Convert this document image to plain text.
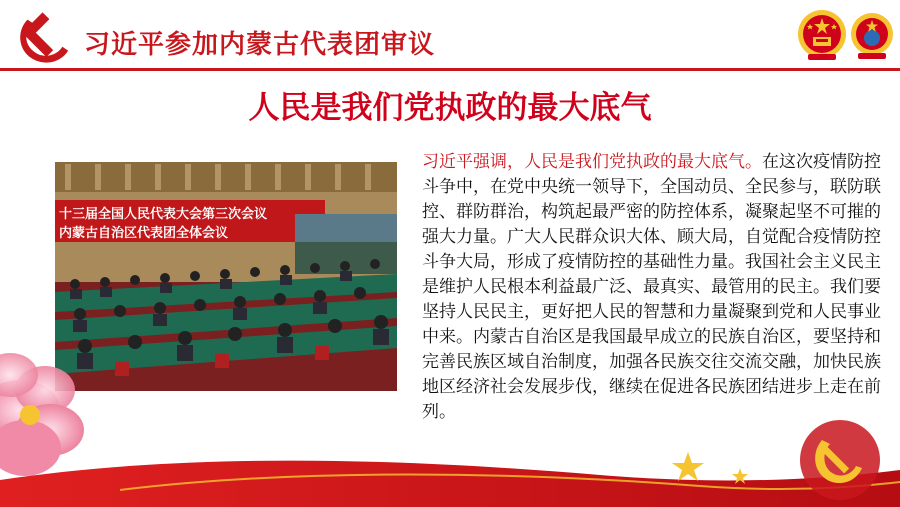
习近平参加内蒙古代表团审议
人民是我们党执政的最大底气
十三届全国人民代表大会第三次会议
内蒙古自治区代表团全体会议
习近平强调，人民是我们党执政的最大底气。在这次疫情防控斗争中，在党中央统一领导下，全国动员、全民参与，联防联控、群防群治，构筑起最严密的防控体系，凝聚起坚不可摧的强大力量。广大人民群众识大体、顾大局，自觉配合疫情防控斗争大局，形成了疫情防控的基础性力量。我国社会主义民主是维护人民根本利益最广泛、最真实、最管用的民主。我们要坚持人民民主，更好把人民的智慧和力量凝聚到党和人民事业中来。内蒙古自治区是我国最早成立的民族自治区，要坚持和完善民族区域自治制度，加强各民族交往交流交融，加快民族地区经济社会发展步伐，继续在促进各民族团结进步上走在前列。
